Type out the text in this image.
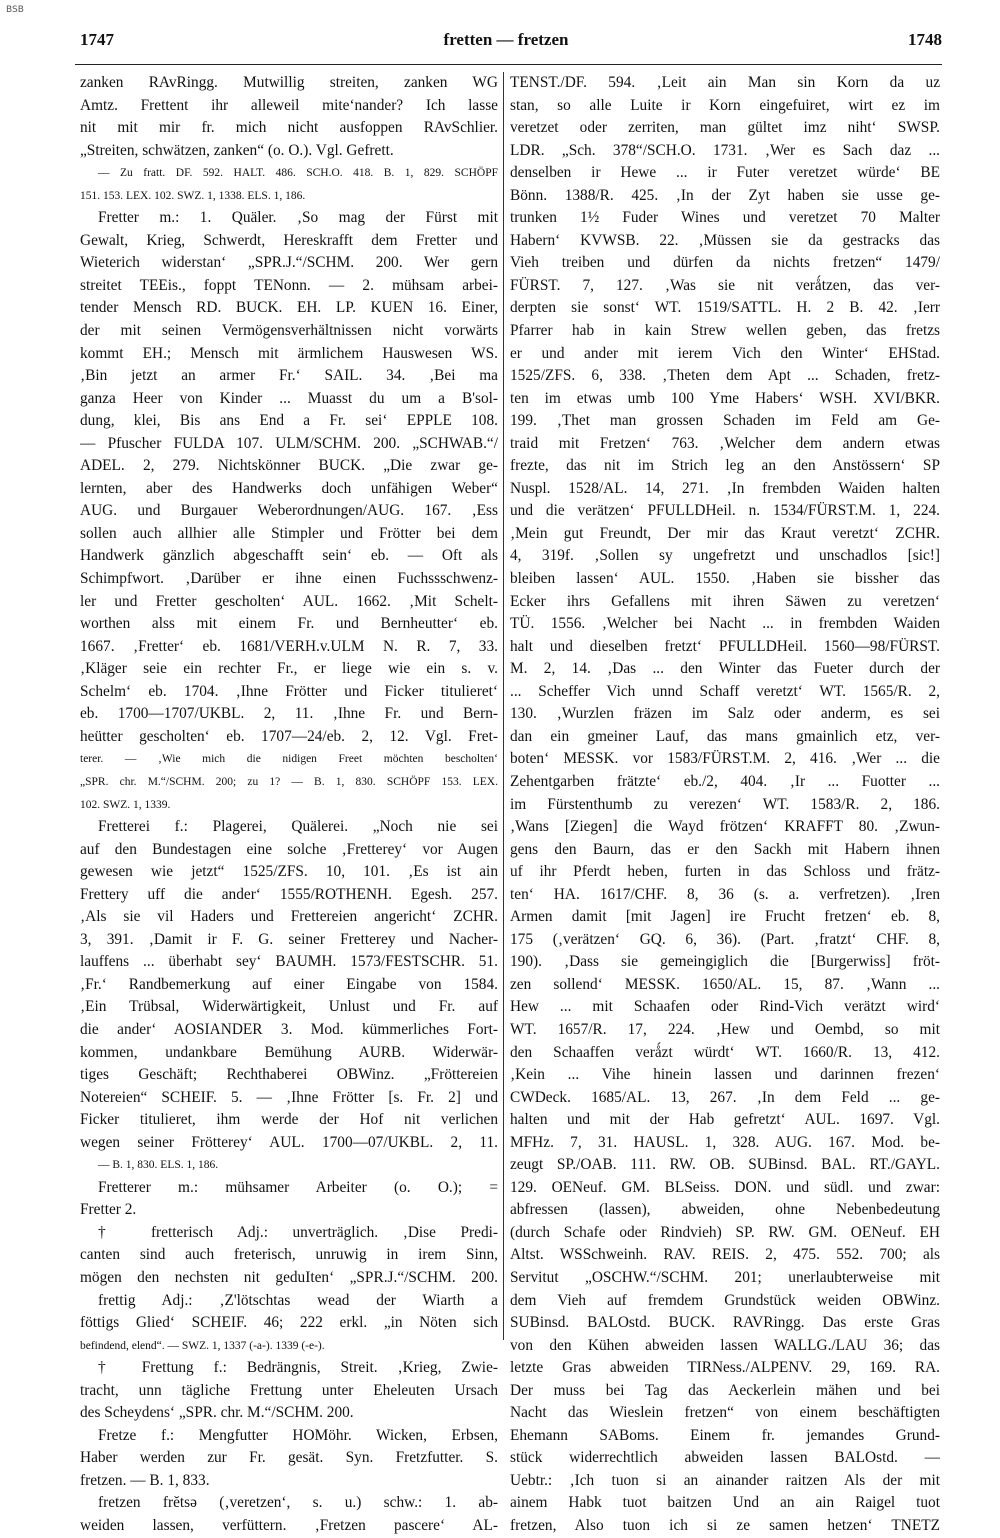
BSB
1747	fretten — fretzen	1748

zanken RAvRingg. Mutwillig streiten, zanken WG

Amtz. Frettent ihr alleweil mite‘nander? Ich lasse

nit mit mir fr. mich nicht ausfoppen RAvSchlier.

„Streiten, schwätzen, zanken“ (o. O.). Vgl. Gefrett.

— Zu fratt. DF. 592. HALT. 486. SCH.O. 418. B. 1, 829. SCHÖPF

151. 153. LEX. 102. SWZ. 1, 1338. ELS. 1, 186.

Fretter m.: 1. Quäler. ‚So mag der Fürst mit

Gewalt, Krieg, Schwerdt, Hereskrafft dem Fretter und

Wieterich widerstan‘ „SPR.J.“/SCHM. 200. Wer gern

streitet TEEis., foppt TENonn. — 2. mühsam arbei-

tender Mensch RD. BUCK. EH. LP. KUEN 16. Einer,

der mit seinen Vermögensverhältnissen nicht vorwärts

kommt EH.; Mensch mit ärmlichem Hauswesen WS.

‚Bin jetzt an armer Fr.‘ SAIL. 34. ‚Bei ma

ganza Heer von Kinder ... Muasst du um a B'sol-

dung, klei, Bis ans End a Fr. sei‘ EPPLE 108.

— Pfuscher FULDA 107. ULM/SCHM. 200. „SCHWAB.“/

ADEL. 2, 279. Nichtskönner BUCK. „Die zwar ge-

lernten, aber des Handwerks doch unfähigen Weber“

AUG. und Burgauer Weberordnungen/AUG. 167. ‚Ess

sollen auch allhier alle Stimpler und Frötter bei dem

Handwerk gänzlich abgeschafft sein‘ eb. — Oft als

Schimpfwort. ‚Darüber er ihne einen Fuchssschwenz-

ler und Fretter gescholten‘ AUL. 1662. ‚Mit Schelt-

worthen alss mit einem Fr. und Bernheutter‘ eb.

1667. ‚Fretter‘ eb. 1681/VERH.v.ULM N. R. 7, 33.

‚Kläger seie ein rechter Fr., er liege wie ein s. v.

Schelm‘ eb. 1704. ‚Ihne Frötter und Ficker titulieret‘

eb. 1700—1707/UKBL. 2, 11. ‚Ihne Fr. und Bern-

heütter gescholten‘ eb. 1707—24/eb. 2, 12. Vgl. Fret-

terer. — ‚Wie mich die nidigen Freet möchten bescholten‘

„SPR. chr. M.“/SCHM. 200; zu 1? — B. 1, 830. SCHÖPF 153. LEX.

102. SWZ. 1, 1339.

Fretterei f.: Plagerei, Quälerei. „Noch nie sei

auf den Bundestagen eine solche ‚Fretterey‘ vor Augen

gewesen wie jetzt“ 1525/ZFS. 10, 101. ‚Es ist ain

Frettery uff die ander‘ 1555/ROTHENH. Egesh. 257.

‚Als sie vil Haders und Frettereien angericht‘ ZCHR.

3, 391. ‚Damit ir F. G. seiner Fretterey und Nacher-

lauffens ... überhabt sey‘ BAUMH. 1573/FESTSCHR. 51.

‚Fr.‘ Randbemerkung auf einer Eingabe von 1584.

‚Ein Trübsal, Widerwärtigkeit, Unlust und Fr. auf

die ander‘ AOSIANDER 3. Mod. kümmerliches Fort-

kommen, undankbare Bemühung AURB. Widerwär-

tiges Geschäft; Rechthaberei OBWinz. „Fröttereien

Notereien“ SCHEIF. 5. — ‚Ihne Frötter [s. Fr. 2] und

Ficker titulieret, ihm werde der Hof nit verlichen

wegen seiner Frötterey‘ AUL. 1700—07/UKBL. 2, 11.

— B. 1, 830. ELS. 1, 186.

Fretterer m.: mühsamer Arbeiter (o. O.); =

Fretter 2.

† fretterisch Adj.: unverträglich. ‚Dise Predi-

canten sind auch freterisch, unruwig in irem Sinn,

mögen den nechsten nit geduIten‘ „SPR.J.“/SCHM. 200.

frettig Adj.: ‚Z'lötschtas wead der Wiarth a

föttigs Glied‘ SCHEIF. 46; 222 erkl. „in Nöten sich

befindend, elend“. — SWZ. 1, 1337 (-a-). 1339 (-e-).

† Frettung f.: Bedrängnis, Streit. ‚Krieg, Zwie-

tracht, unn tägliche Frettung unter Eheleuten Ursach

des Scheydens‘ „SPR. chr. M.“/SCHM. 200.

Fretze f.: Mengfutter HOMöhr. Wicken, Erbsen,

Haber werden zur Fr. gesät. Syn. Fretzfutter. S.

fretzen. — B. 1, 833.

fretzen frĕtsə (‚veretzen‘, s. u.) schw.: 1. ab-

weiden lassen, verfüttern. ‚Fretzen pascere‘ AL-

TENST./DF. 594. ‚Leit ain Man sin Korn da uz

stan, so alle Luite ir Korn eingefuiret, wirt ez im

veretzet oder zerriten, man gültet imz niht‘ SWSP.

LDR. „Sch. 378“/SCH.O. 1731. ‚Wer es Sach daz ...

denselben ir Hewe ... ir Futer veretzet würde‘ BE

Bönn. 1388/R. 425. ‚In der Zyt haben sie usse ge-

trunken 1½ Fuder Wines und veretzet 70 Malter

Habern‘ KVWSB. 22. ‚Müssen sie da gestracks das

Vieh treiben und dürfen da nichts fretzen“ 1479/

FÜRST. 7, 127. ‚Was sie nit verǻtzen, das ver-

derpten sie sonst‘ WT. 1519/SATTL. H. 2 B. 42. ‚Ierr

Pfarrer hab in kain Strew wellen geben, das fretzs

er und ander mit ierem Vich den Winter‘ EHStad.

1525/ZFS. 6, 338. ‚Theten dem Apt ... Schaden, fretz-

ten im etwas umb 100 Yme Habers‘ WSH. XVI/BKR.

199. ‚Thet man grossen Schaden im Feld am Ge-

traid mit Fretzen‘ 763. ‚Welcher dem andern etwas

frezte, das nit im Strich leg an den Anstössern‘ SP

Nuspl. 1528/AL. 14, 271. ‚In frembden Waiden halten

und die verätzen‘ PFULLDHeil. n. 1534/FÜRST.M. 1, 224.

‚Mein gut Freundt, Der mir das Kraut veretzt‘ ZCHR.

4, 319f. ‚Sollen sy ungefretzt und unschadlos [sic!]

bleiben lassen‘ AUL. 1550. ‚Haben sie bissher das

Ecker ihrs Gefallens mit ihren Säwen zu veretzen‘

TÜ. 1556. ‚Welcher bei Nacht ... in frembden Waiden

halt und dieselben fretzt‘ PFULLDHeil. 1560—98/FÜRST.

M. 2, 14. ‚Das ... den Winter das Fueter durch der

... Scheffer Vich unnd Schaff veretzt‘ WT. 1565/R. 2,

130. ‚Wurzlen fräzen im Salz oder anderm, es sei

dan ein gmeiner Lauf, das mans gmainlich etz, ver-

boten‘ MESSK. vor 1583/FÜRST.M. 2, 416. ‚Wer ... die

Zehentgarben frätzte‘ eb./2, 404. ‚Ir ... Fuotter ...

im Fürstenthumb zu verezen‘ WT. 1583/R. 2, 186.

‚Wans [Ziegen] die Wayd frötzen‘ KRAFFT 80. ‚Zwun-

gens den Baurn, das er den Sackh mit Habern ihnen

uf ihr Pferdt heben, furten in das Schloss und frätz-

ten‘ HA. 1617/CHF. 8, 36 (s. a. verfretzen). ‚Iren

Armen damit [mit Jagen] ire Frucht fretzen‘ eb. 8,

175 (‚verätzen‘ GQ. 6, 36). (Part. ‚fratzt‘ CHF. 8,

190). ‚Dass sie gemeingiglich die [Burgerwiss] fröt-

zen sollend‘ MESSK. 1650/AL. 15, 87. ‚Wann ...

Hew ... mit Schaafen oder Rind-Vich verätzt wird‘

WT. 1657/R. 17, 224. ‚Hew und Oembd, so mit

den Schaaffen verǻzt würdt‘ WT. 1660/R. 13, 412.

‚Kein ... Vihe hinein lassen und darinnen frezen‘

CWDeck. 1685/AL. 13, 267. ‚In dem Feld ... ge-

halten und mit der Hab gefretzt‘ AUL. 1697. Vgl.

MFHz. 7, 31. HAUSL. 1, 328. AUG. 167. Mod. be-

zeugt SP./OAB. 111. RW. OB. SUBinsd. BAL. RT./GAYL.

129. OENeuf. GM. BLSeiss. DON. und südl. und zwar:

abfressen (lassen), abweiden, ohne Nebenbedeutung

(durch Schafe oder Rindvieh) SP. RW. GM. OENeuf. EH

Altst. WSSchweinh. RAV. REIS. 2, 475. 552. 700; als

Servitut „OSCHW.“/SCHM. 201; unerlaubterweise mit

dem Vieh auf fremdem Grundstück weiden OBWinz.

SUBinsd. BALOstd. BUCK. RAVRingg. Das erste Gras

von den Kühen abweiden lassen WALLG./LAU 36; das

letzte Gras abweiden TIRNess./ALPENV. 29, 169. RA.

Der muss bei Tag das Aeckerlein mähen und bei

Nacht das Wieslein fretzen“ von einem beschäftigten

Ehemann SABoms. Einem fr. jemandes Grund-

stück widerrechtlich abweiden lassen BALOstd. —

Uebtr.: ‚Ich tuon si an ainander raitzen Als der mit

ainem Habk tuot baitzen Und an ain Raigel tuot

fretzen, Also tuon ich si ze samen hetzen‘ TNETZ
